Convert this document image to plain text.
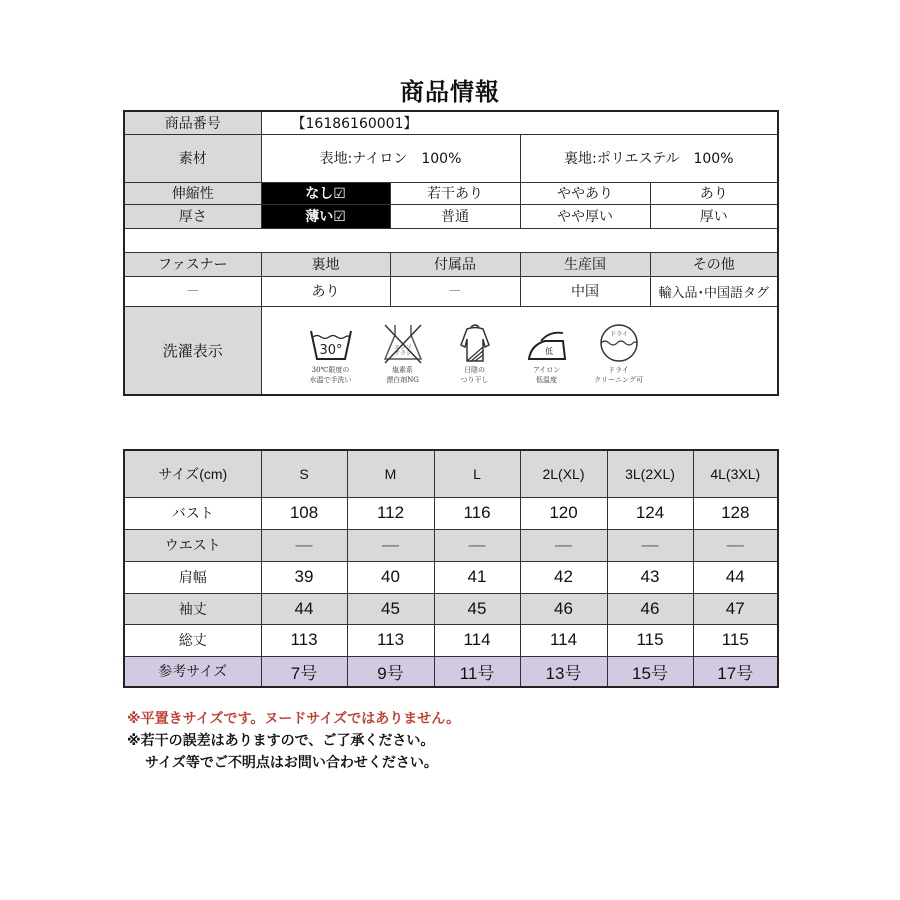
商品情報
商品番号	【16186160001】			
素材	表地:ナイロン　100%		裏地:ポリエステル　100%	
伸縮性	なし☑	若干あり	ややあり	あり
厚さ	薄い☑	普通	やや厚い	厚い

ファスナー	裏地	付属品	生産国	その他
－	あり	－	中国	輸入品･中国語タグ
洗濯表示	30°
30℃限度の
水温で手洗い
エンソ
サラシ
塩素系
漂白剤NG
日陰の
つり干し
低
アイロン
低温度
ドライ
ドライ
クリーニング可
サイズ(cm)	S	M	L	2L(XL)	3L(2XL)	4L(3XL)
バスト	108	112	116	120	124	128
ウエスト	—	—	—	—	—	—
肩幅	39	40	41	42	43	44
袖丈	44	45	45	46	46	47
総丈	113	113	114	114	115	115
参考サイズ	7号	9号	11号	13号	15号	17号
※平置きサイズです。ヌードサイズではありません。
※若干の誤差はありますので、ご了承ください。
サイズ等でご不明点はお問い合わせください。
